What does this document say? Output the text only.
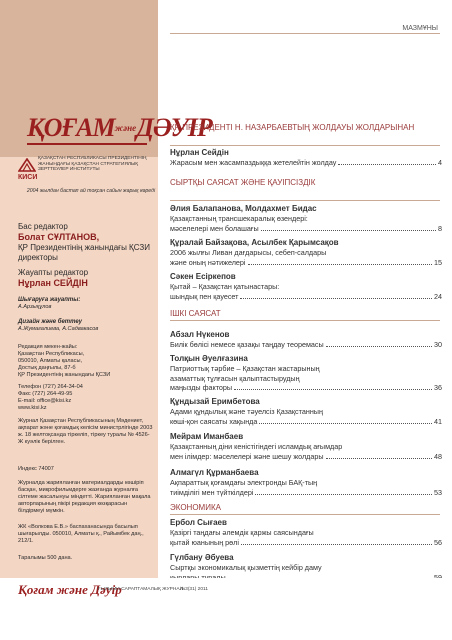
$ҚОҒАМ^{және}ДӘУІР$
КИСИ
ҚАЗАҚСТАН РЕСПУБЛИКАСЫ ПРЕЗИДЕНТІНІҢ ЖАНЫНДАҒЫ ҚАЗАҚСТАН СТРАТЕГИЯЛЫҚ ЗЕРТТЕУЛЕР ИНСТИТУТЫ
2004 жылдан бастап ай тоқсан сайын жарық көреді
Бас редактор
Болат СҰЛТАНОВ,
ҚР Президентінің жанындағы ҚСЗИ директоры
Жауапты редактор
Нұрлан СЕЙДІН
Шығаруға жауапты:
А.Арзықұлов
Дизайн және беттеу
А.Жумагалиева, А.Садвакасов
Редакция мекен-жайы:
Қазақстан Республикасы,
050010, Алматы қаласы,
Достық даңғылы, 87-б
ҚР Президентінің жанындағы ҚСЗИ
Телефон (727) 264-34-04
Факс (727) 264-49-95
E-mail: office@kisi.kz
www.kisi.kz
Журнал Қазақстан Республикасының Мәдениет, ақпарат және қоғамдық келісім министрлігінде 2003 ж. 18 желтоқсанда тіркеліп, тіркеу туралы № 4526-Ж куәлік берілген.
Индекс 74007
Журналда жарияланған материалдарды көшіріп басқан, микрофильмдерге жазғанда журналға сілтеме жасалынуы міндетті. Жарияланған мақала авторларының пікірі редакция көзқарасын білдірмеуі мүмкін.
ЖК «Волкова Е.В.» баспаханасында басылып шығарылды. 050010, Алматы қ., Райымбек даң., 212/1.
Таралымы 500 дана.
МАЗМҰНЫ
ҚР ПРЕЗИДЕНТІ Н. НАЗАРБАЕВТЫҢ ЖОЛДАУЫ ЖОЛДАРЫНАН
Нұрлан Сейдін
Жарасым мен жасампаздыққа жетелейтін жолдау	4
СЫРТҚЫ САЯСАТ ЖӘНЕ ҚАУІПСІЗДІК
Әлия Балапанова, Молдахмет Бидас
Қазақстанның трансшекаралық өзендері:
мәселелері мен болашағы	8
Құралай Байзақова, Асылбек Қарымсақов
2006 жылғы Ливан дағдарысы, себеп-салдары
және оның нәтижелері	15
Сәкен Есіркепов
Қытай – Қазақстан қатынастары:
шындық пен қауесет	24
ІШКІ САЯСАТ
Абзал Нүкенов
Билік бөлісі немесе қазақы таңдау теоремасы	30
Толқын Әуелғазина
Патриоттық тәрбие – Қазақстан жастарының
азаматтық тұлғасын қалыптастырудың
маңызды факторы	36
Құндызай Еримбетова
Адами құндылық және тәуелсіз Қазақстанның
көші-қон саясаты хақында	41
Мейрам Иманбаев
Қазақстанның діни кеністігіндегі исламдық ағымдар
мен ілімдер: мәселелері және шешу жолдары	48
Алмагүл Құрманбаева
Ақпараттық қоғамдағы электронды БАҚ-тың
тиімділігі мен түйткілдері	53
ЭКОНОМИКА
Ербол Сығаев
Қазіргі таңдағы әлемдік қаржы саясындағы
қытай юанының рөлі	56
Гүлбану Әбуева
Сыртқы экономикалық қызметтің кейбір даму
Қоғам және Дәуір
ҒЫЛЫМИ-САРАПТАМАЛЫҚ ЖУРНАЛ
№3(31) 2011
